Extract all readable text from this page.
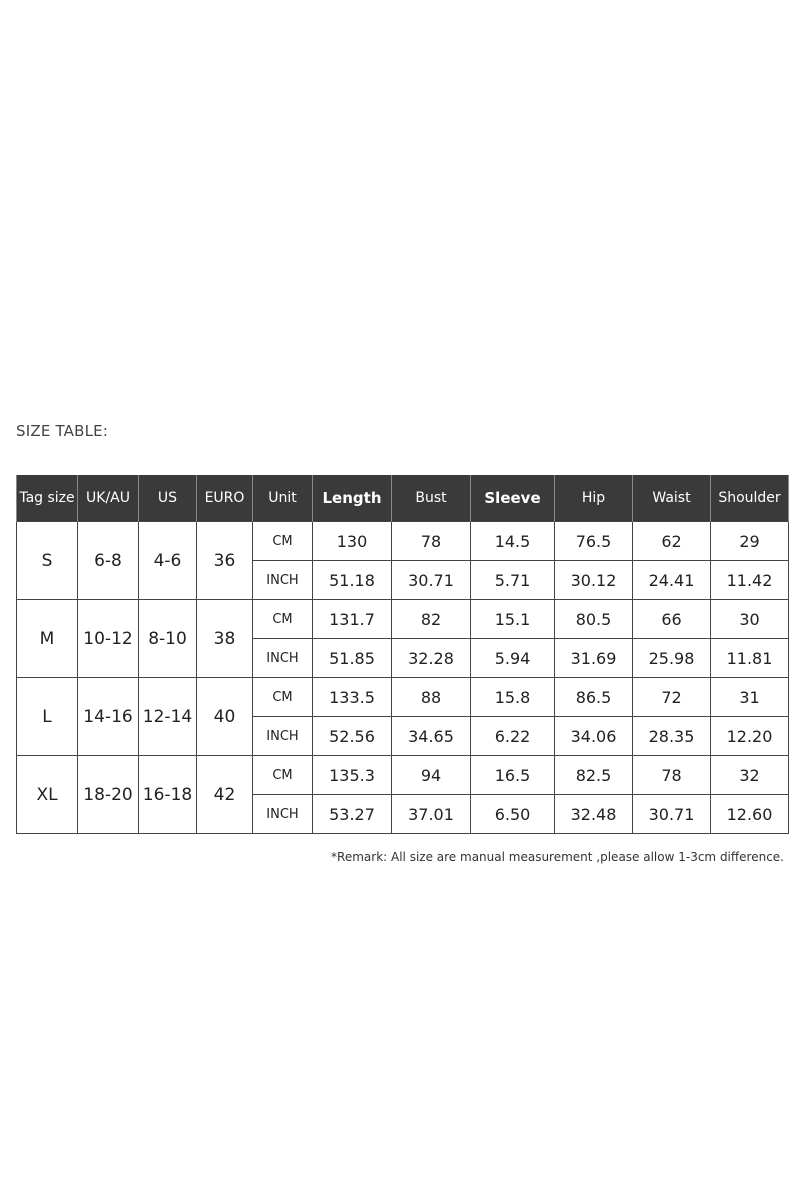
SIZE TABLE:
Tag size	UK/AU	US	EURO	Unit	Length	Bust	Sleeve	Hip	Waist	Shoulder
S	6-8	4-6	36	CM	130	78	14.5	76.5	62	29
				INCH	51.18	30.71	5.71	30.12	24.41	11.42
M	10-12	8-10	38	CM	131.7	82	15.1	80.5	66	30
				INCH	51.85	32.28	5.94	31.69	25.98	11.81
L	14-16	12-14	40	CM	133.5	88	15.8	86.5	72	31
				INCH	52.56	34.65	6.22	34.06	28.35	12.20
XL	18-20	16-18	42	CM	135.3	94	16.5	82.5	78	32
				INCH	53.27	37.01	6.50	32.48	30.71	12.60
*Remark: All size are manual measurement ,please allow 1-3cm difference.
